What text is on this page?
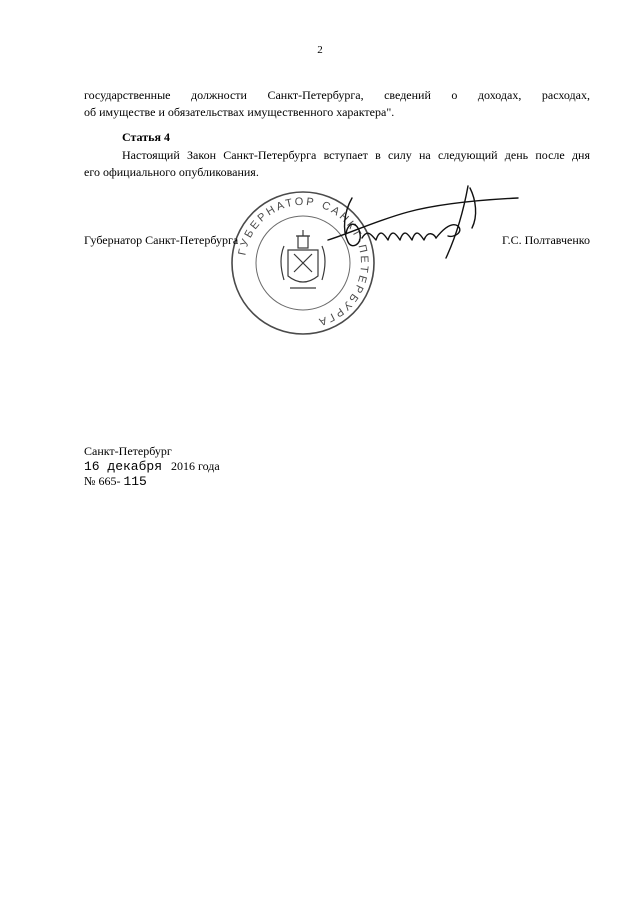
2
государственные должности Санкт-Петербурга, сведений о доходах, расходах,
об имуществе и обязательствах имущественного характера".
Статья 4
Настоящий Закон Санкт-Петербурга вступает в силу на следующий день после дня
его официального опубликования.
ГУБЕРНАТОР САНКТ-ПЕТЕРБУРГА
Губернатор Санкт-Петербурга	Г.С. Полтавченко
Санкт-Петербург
16 декабря 2016 года
№ 665- 115
